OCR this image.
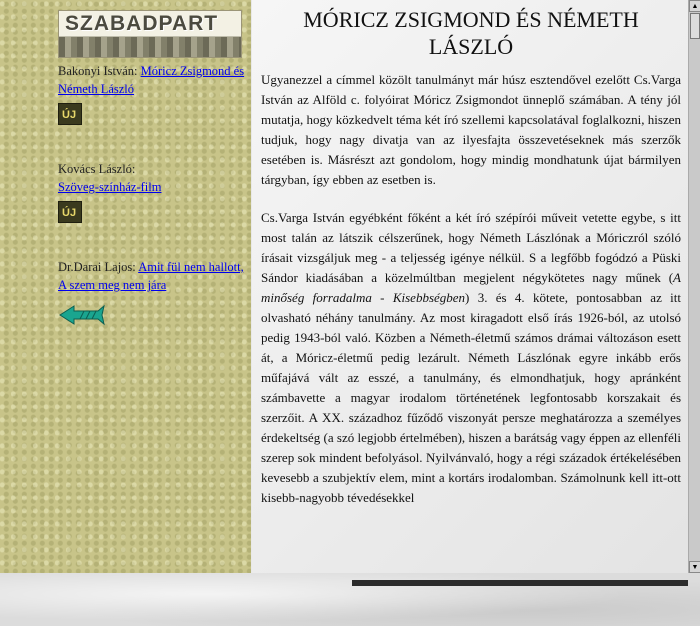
SZABADPART
Bakonyi István: Móricz Zsigmond és Németh László
ÚJ
Kovács László:
Szöveg-színház-film
ÚJ
Dr.Darai Lajos: Amit fül nem hallott, A szem meg nem jára
MÓRICZ ZSIGMOND ÉS NÉMETH LÁSZLÓ

Ugyanezzel a címmel közölt tanulmányt már húsz esztendővel ezelőtt Cs.Varga István az Alföld c. folyóirat Móricz Zsigmondot ünneplő számában. A tény jól mutatja, hogy közkedvelt téma két író szellemi kapcsolatával foglalkozni, hiszen tudjuk, hogy nagy divatja van az ilyesfajta összevetéseknek más szerzők esetében is. Másrészt azt gondolom, hogy mindig mondhatunk újat bármilyen tárgyban, így ebben az esetben is.

Cs.Varga István egyébként főként a két író szépírói műveit vetette egybe, s itt most talán az látszik célszerűnek, hogy Németh Lászlónak a Móriczról szóló írásait vizsgáljuk meg - a teljesség igénye nélkül. S a legfőbb fogódzó a Püski Sándor kiadásában a közelmúltban megjelent négykötetes nagy műnek (A minőség forradalma - Kisebbségben) 3. és 4. kötete, pontosabban az itt olvasható néhány tanulmány. Az most kiragadott első írás 1926-ból, az utolsó pedig 1943-ból való. Közben a Németh-életmű számos drámai változáson esett át, a Móricz-életmű pedig lezárult. Németh Lászlónak egyre inkább erős műfajává vált az esszé, a tanulmány, és elmondhatjuk, hogy apránként számbavette a magyar irodalom történetének legfontosabb korszakait és szerzőit. A XX. századhoz fűződő viszonyát persze meghatározza a személyes érdekeltség (a szó legjobb értelmében), hiszen a barátság vagy éppen az ellenféli szerep sok mindent befolyásol. Nyilvánvaló, hogy a régi századok értékelésében kevesebb a szubjektív elem, mint a kortárs irodalomban. Számolnunk kell itt-ott kisebb-nagyobb tévedésekkel

▲
▼
